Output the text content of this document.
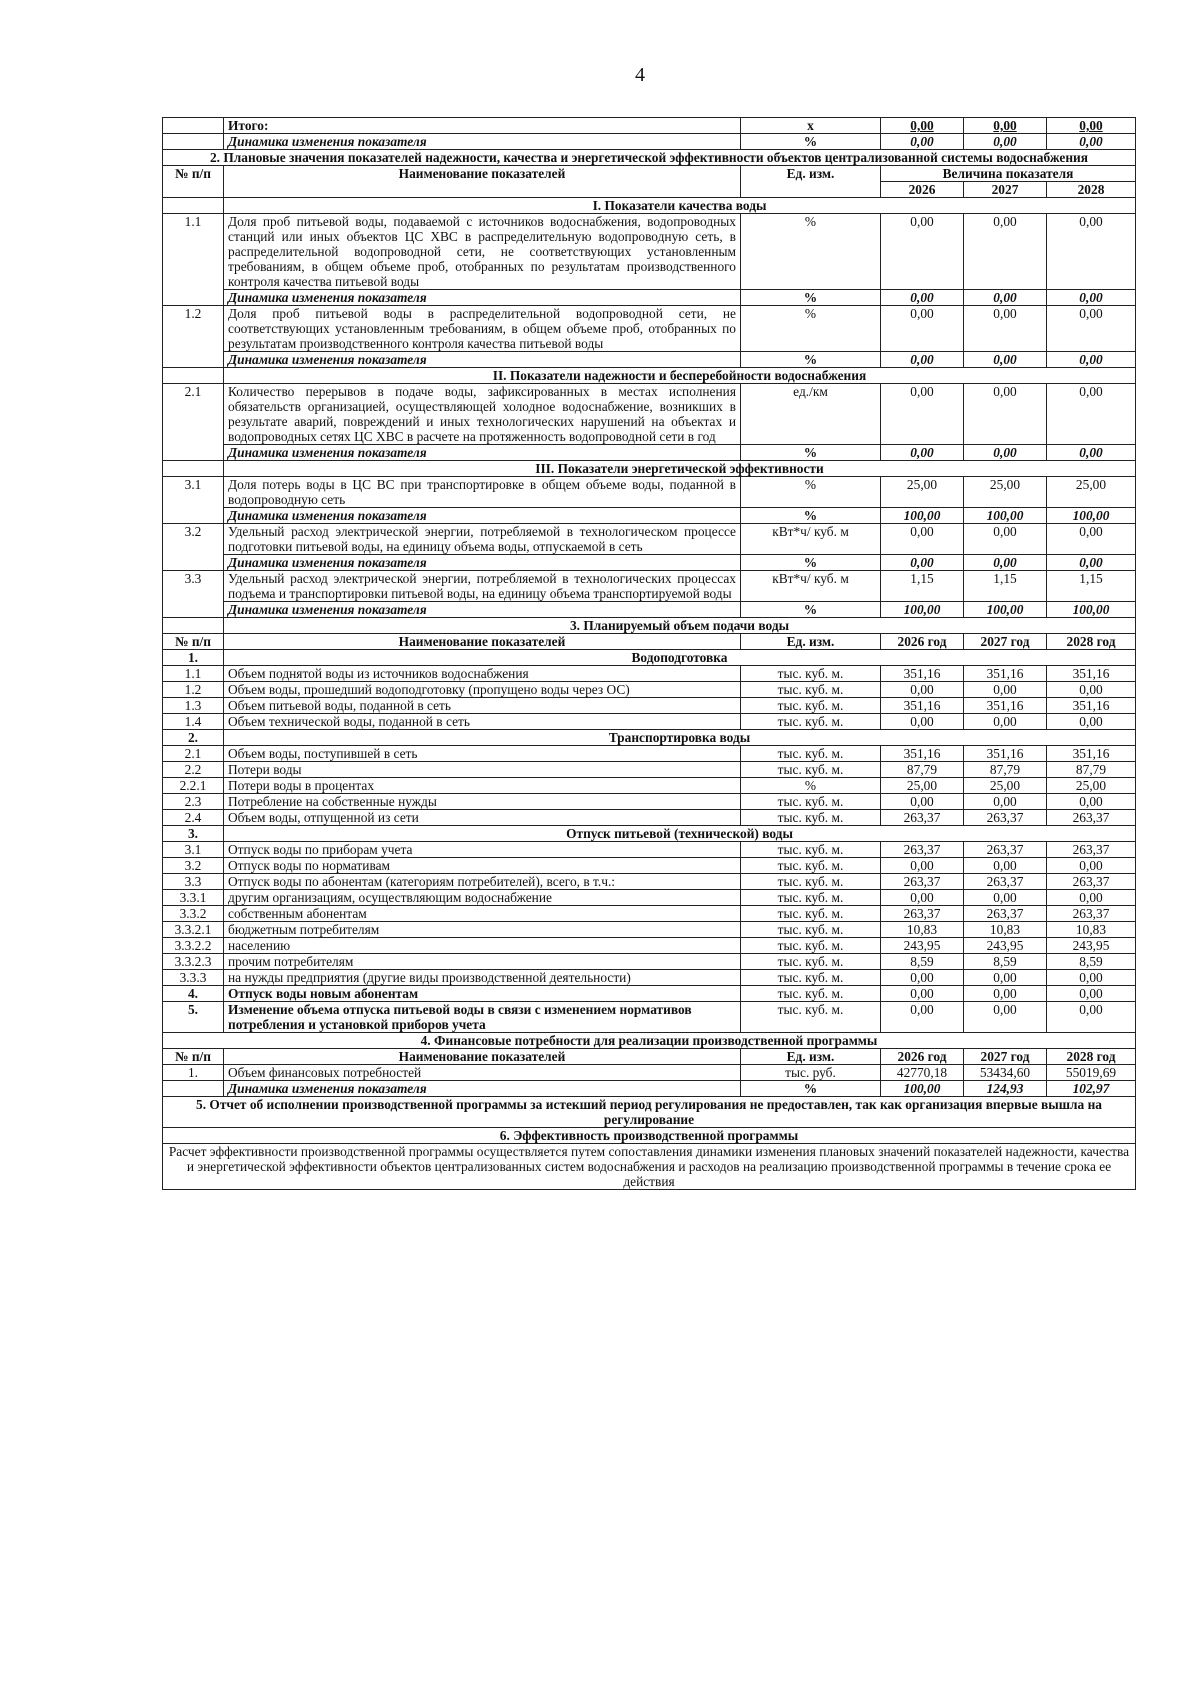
4
	Итого:	х	0,00	0,00	0,00
	Динамика изменения показателя	%	0,00	0,00	0,00
2. Плановые значения показателей надежности, качества и энергетической эффективности объектов централизованной системы водоснабжения					
№ п/п	Наименование показателей	Ед. изм.	Величина показателя		
			2026	2027	2028
	I. Показатели качества воды				
1.1	Доля проб питьевой воды, подаваемой с источников водоснабжения, водопроводных станций или иных объектов ЦС ХВС в распределительную водопроводную сеть, в распределительной водопроводной сети, не соответствующих установленным требованиям, в общем объеме проб, отобранных по результатам производственного контроля качества питьевой воды	%	0,00	0,00	0,00
	Динамика изменения показателя	%	0,00	0,00	0,00
1.2	Доля проб питьевой воды в распределительной водопроводной сети, не соответствующих установленным требованиям, в общем объеме проб, отобранных по результатам производственного контроля качества питьевой воды	%	0,00	0,00	0,00
	Динамика изменения показателя	%	0,00	0,00	0,00
	II. Показатели надежности и бесперебойности водоснабжения				
2.1	Количество перерывов в подаче воды, зафиксированных в местах исполнения обязательств организацией, осуществляющей холодное водоснабжение, возникших в результате аварий, повреждений и иных технологических нарушений на объектах и водопроводных сетях ЦС ХВС в расчете на протяженность водопроводной сети в год	ед./км	0,00	0,00	0,00
	Динамика изменения показателя	%	0,00	0,00	0,00
	III. Показатели энергетической эффективности				
3.1	Доля потерь воды в ЦС ВС при транспортировке в общем объеме воды, поданной в водопроводную сеть	%	25,00	25,00	25,00
	Динамика изменения показателя	%	100,00	100,00	100,00
3.2	Удельный расход электрической энергии, потребляемой в технологическом процессе подготовки питьевой воды, на единицу объема воды, отпускаемой в сеть	кВт*ч/ куб. м	0,00	0,00	0,00
	Динамика изменения показателя	%	0,00	0,00	0,00
3.3	Удельный расход электрической энергии, потребляемой в технологических процессах подъема и транспортировки питьевой воды, на единицу объема транспортируемой воды	кВт*ч/ куб. м	1,15	1,15	1,15
	Динамика изменения показателя	%	100,00	100,00	100,00
	3. Планируемый объем подачи воды				
№ п/п	Наименование показателей	Ед. изм.	2026 год	2027 год	2028 год
1.	Водоподготовка				
1.1	Объем поднятой воды из источников водоснабжения	тыс. куб. м.	351,16	351,16	351,16
1.2	Объем воды, прошедший водоподготовку (пропущено воды через ОС)	тыс. куб. м.	0,00	0,00	0,00
1.3	Объем питьевой воды, поданной в сеть	тыс. куб. м.	351,16	351,16	351,16
1.4	Объем технической воды, поданной в сеть	тыс. куб. м.	0,00	0,00	0,00
2.	Транспортировка воды				
2.1	Объем воды, поступившей в сеть	тыс. куб. м.	351,16	351,16	351,16
2.2	Потери воды	тыс. куб. м.	87,79	87,79	87,79
2.2.1	Потери воды в процентах	%	25,00	25,00	25,00
2.3	Потребление на собственные нужды	тыс. куб. м.	0,00	0,00	0,00
2.4	Объем воды, отпущенной из сети	тыс. куб. м.	263,37	263,37	263,37
3.	Отпуск питьевой (технической) воды				
3.1	Отпуск воды по приборам учета	тыс. куб. м.	263,37	263,37	263,37
3.2	Отпуск воды по нормативам	тыс. куб. м.	0,00	0,00	0,00
3.3	Отпуск воды по абонентам (категориям потребителей), всего, в т.ч.:	тыс. куб. м.	263,37	263,37	263,37
3.3.1	другим организациям, осуществляющим водоснабжение	тыс. куб. м.	0,00	0,00	0,00
3.3.2	собственным абонентам	тыс. куб. м.	263,37	263,37	263,37
3.3.2.1	бюджетным потребителям	тыс. куб. м.	10,83	10,83	10,83
3.3.2.2	населению	тыс. куб. м.	243,95	243,95	243,95
3.3.2.3	прочим потребителям	тыс. куб. м.	8,59	8,59	8,59
3.3.3	на нужды предприятия (другие виды производственной деятельности)	тыс. куб. м.	0,00	0,00	0,00
4.	Отпуск воды новым абонентам	тыс. куб. м.	0,00	0,00	0,00
5.	Изменение объема отпуска питьевой воды в связи с изменением нормативов потребления и установкой приборов учета	тыс. куб. м.	0,00	0,00	0,00
4. Финансовые потребности для реализации производственной программы					
№ п/п	Наименование показателей	Ед. изм.	2026 год	2027 год	2028 год
1.	Объем финансовых потребностей	тыс. руб.	42770,18	53434,60	55019,69
	Динамика изменения показателя	%	100,00	124,93	102,97
5. Отчет об исполнении производственной программы за истекший период регулирования не предоставлен, так как организация впервые вышла на регулирование					
6. Эффективность производственной программы					
Расчет эффективности производственной программы осуществляется путем сопоставления динамики изменения плановых значений показателей надежности, качества и энергетической эффективности объектов централизованных систем водоснабжения и расходов на реализацию производственной программы в течение срока ее действия					
